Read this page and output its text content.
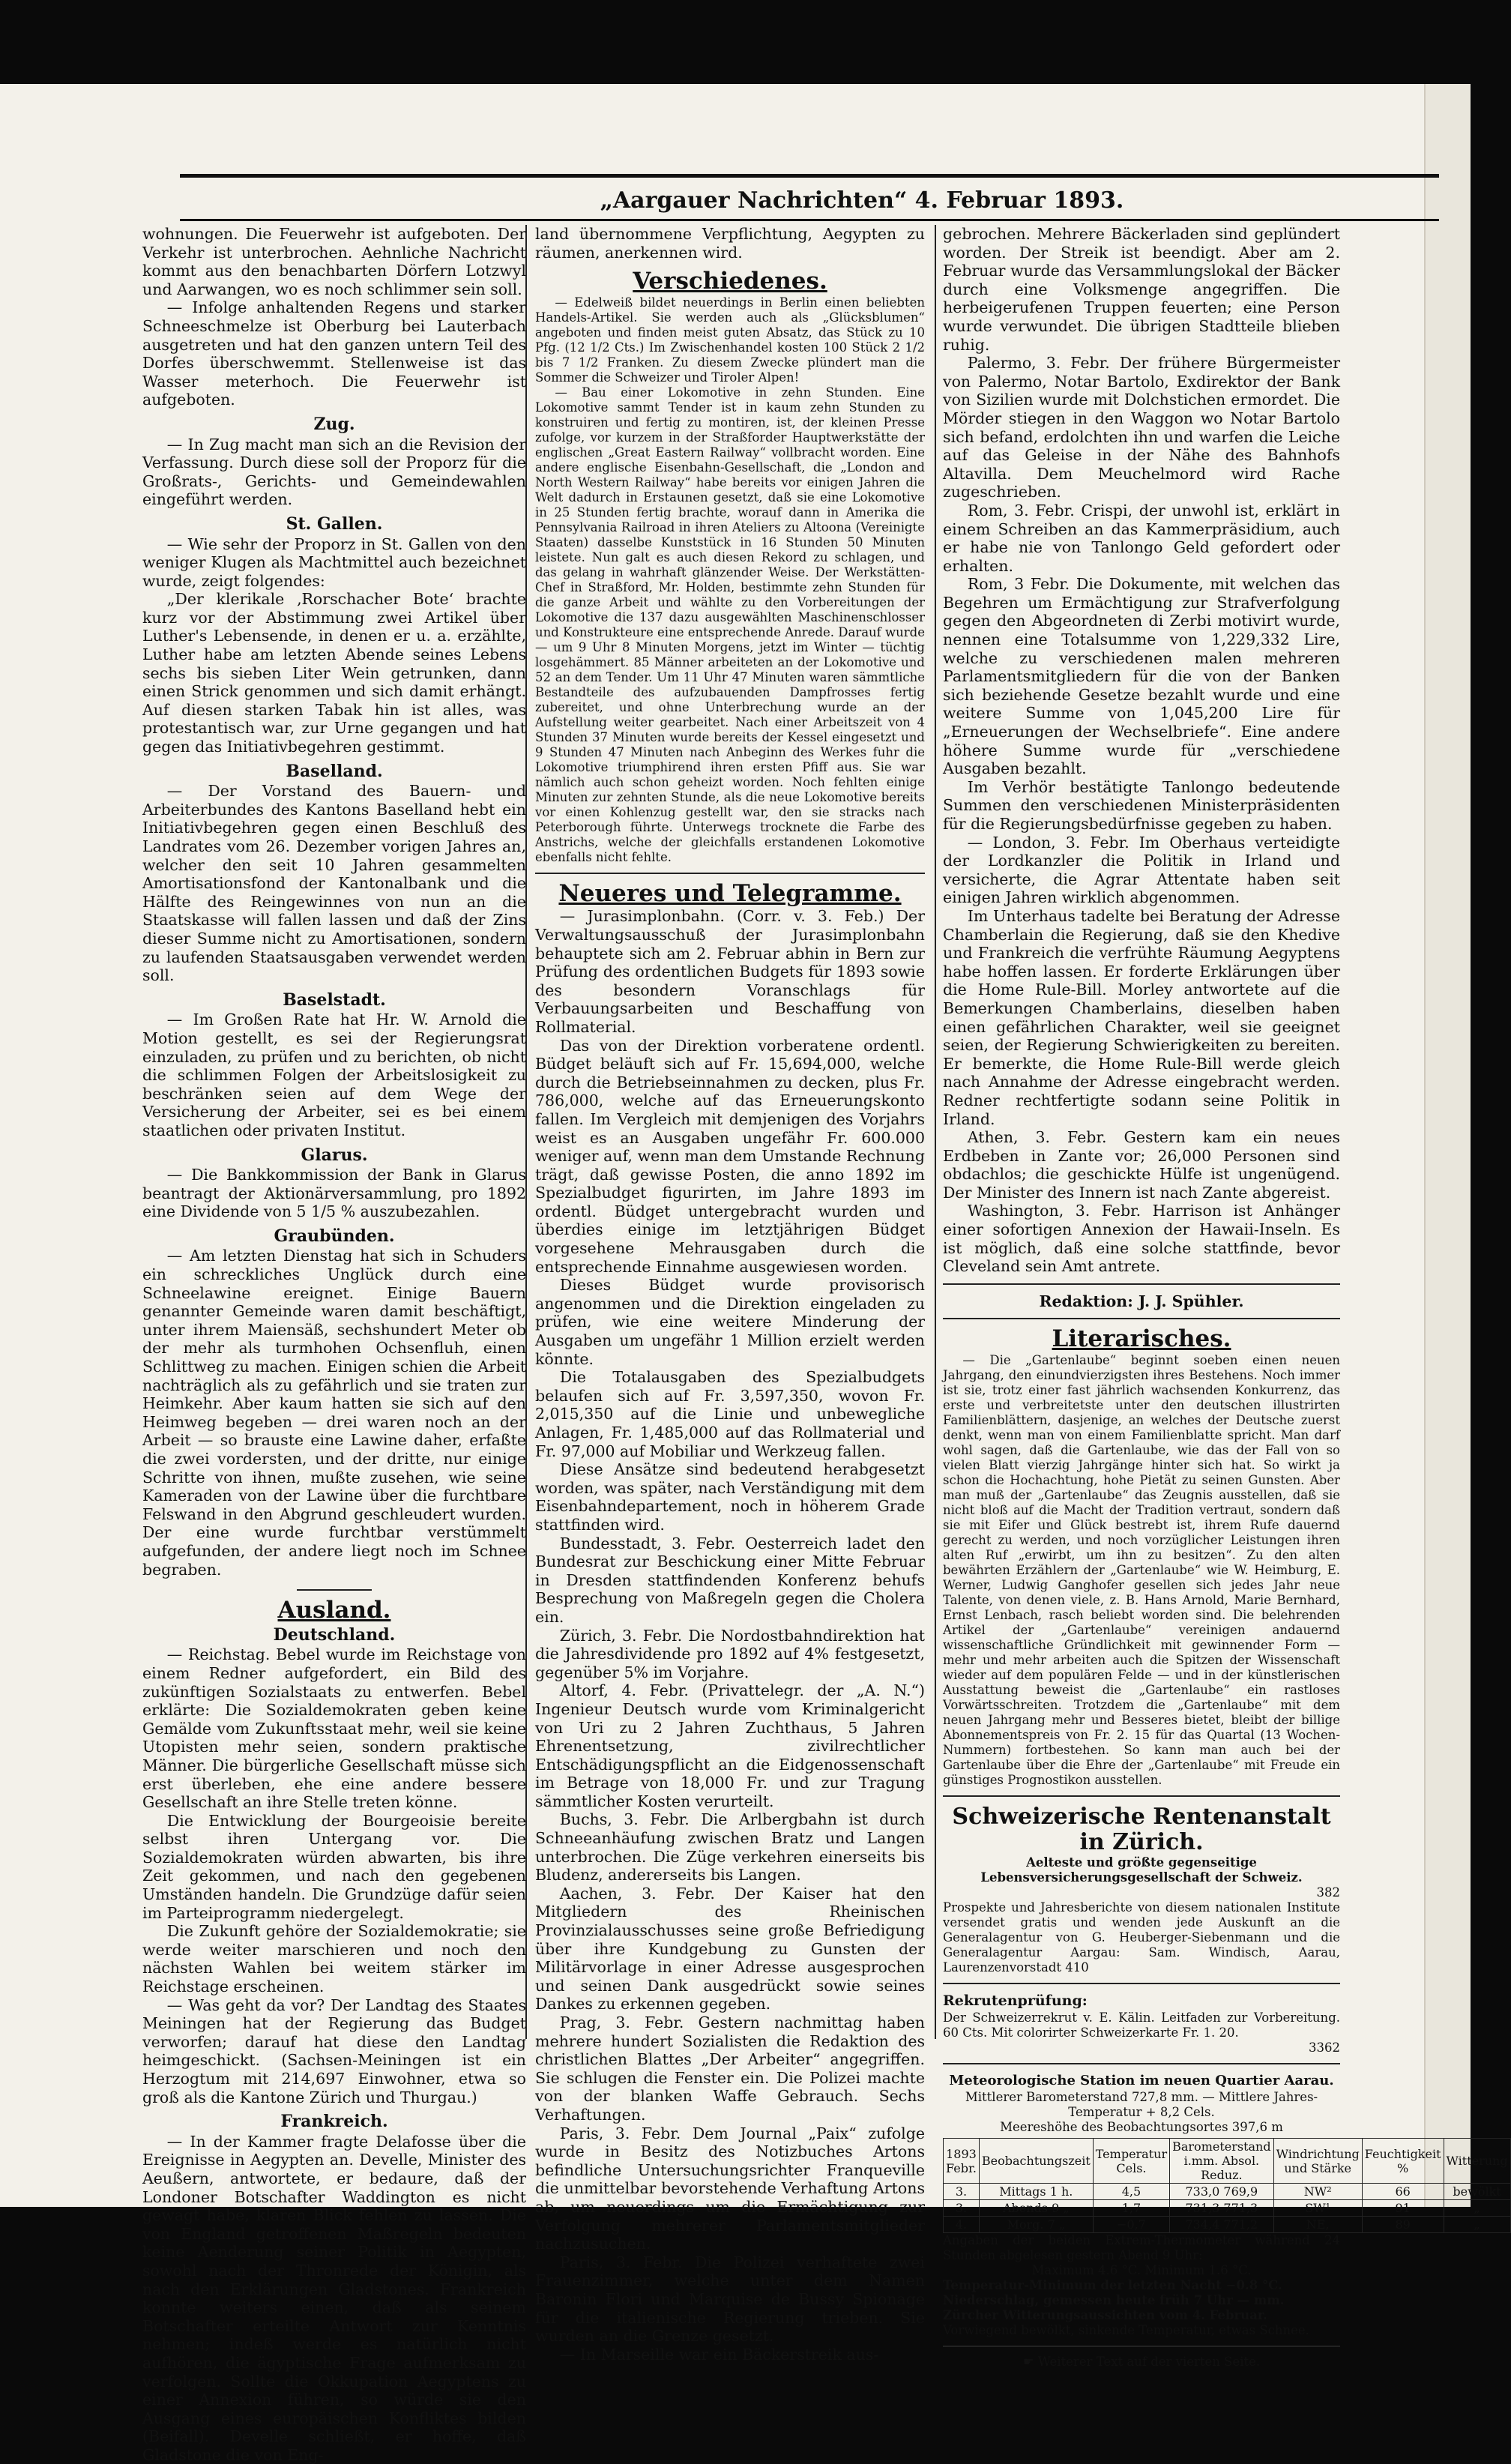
„Aargauer Nachrichten“ 4. Februar 1893.

wohnungen. Die Feuerwehr ist aufgeboten. Der Verkehr ist unterbrochen. Aehnliche Nachricht kommt aus den benachbarten Dörfern Lotzwyl und Aarwangen, wo es noch schlimmer sein soll.

— Infolge anhaltenden Regens und starker Schneeschmelze ist Oberburg bei Lauterbach ausgetreten und hat den ganzen untern Teil des Dorfes überschwemmt. Stellenweise ist das Wasser meterhoch. Die Feuerwehr ist aufgeboten.

Zug.

— In Zug macht man sich an die Revision der Verfassung. Durch diese soll der Proporz für die Großrats-, Gerichts- und Gemeindewahlen eingeführt werden.

St. Gallen.

— Wie sehr der Proporz in St. Gallen von den weniger Klugen als Machtmittel auch bezeichnet wurde, zeigt folgendes:

„Der klerikale ‚Rorschacher Bote‘ brachte kurz vor der Abstimmung zwei Artikel über Luther's Lebensende, in denen er u. a. erzählte, Luther habe am letzten Abende seines Lebens sechs bis sieben Liter Wein getrunken, dann einen Strick genommen und sich damit erhängt. Auf diesen starken Tabak hin ist alles, was protestantisch war, zur Urne gegangen und hat gegen das Initiativbegehren gestimmt.

Baselland.

— Der Vorstand des Bauern- und Arbeiterbundes des Kantons Baselland hebt ein Initiativbegehren gegen einen Beschluß des Landrates vom 26. Dezember vorigen Jahres an, welcher den seit 10 Jahren gesammelten Amortisationsfond der Kantonalbank und die Hälfte des Reingewinnes von nun an die Staatskasse will fallen lassen und daß der Zins dieser Summe nicht zu Amortisationen, sondern zu laufenden Staatsausgaben verwendet werden soll.

Baselstadt.

— Im Großen Rate hat Hr. W. Arnold die Motion gestellt, es sei der Regierungsrat einzuladen, zu prüfen und zu berichten, ob nicht die schlimmen Folgen der Arbeitslosigkeit zu beschränken seien auf dem Wege der Versicherung der Arbeiter, sei es bei einem staatlichen oder privaten Institut.

Glarus.

— Die Bankkommission der Bank in Glarus beantragt der Aktionärversammlung, pro 1892 eine Dividende von 5 1/5 % auszubezahlen.

Graubünden.

— Am letzten Dienstag hat sich in Schuders ein schreckliches Unglück durch eine Schneelawine ereignet. Einige Bauern genannter Gemeinde waren damit beschäftigt, unter ihrem Maiensäß, sechshundert Meter ob der mehr als turmhohen Ochsenfluh, einen Schlittweg zu machen. Einigen schien die Arbeit nachträglich als zu gefährlich und sie traten zur Heimkehr. Aber kaum hatten sie sich auf den Heimweg begeben — drei waren noch an der Arbeit — so brauste eine Lawine daher, erfaßte die zwei vordersten, und der dritte, nur einige Schritte von ihnen, mußte zusehen, wie seine Kameraden von der Lawine über die furchtbare Felswand in den Abgrund geschleudert wurden. Der eine wurde furchtbar verstümmelt aufgefunden, der andere liegt noch im Schnee begraben.

Ausland.
Deutschland.

— Reichstag. Bebel wurde im Reichstage von einem Redner aufgefordert, ein Bild des zukünftigen Sozialstaats zu entwerfen. Bebel erklärte: Die Sozialdemokraten geben keine Gemälde vom Zukunftsstaat mehr, weil sie keine Utopisten mehr seien, sondern praktische Männer. Die bürgerliche Gesellschaft müsse sich erst überleben, ehe eine andere bessere Gesellschaft an ihre Stelle treten könne.

Die Entwicklung der Bourgeoisie bereite selbst ihren Untergang vor. Die Sozialdemokraten würden abwarten, bis ihre Zeit gekommen, und nach den gegebenen Umständen handeln. Die Grundzüge dafür seien im Parteiprogramm niedergelegt.

Die Zukunft gehöre der Sozialdemokratie; sie werde weiter marschieren und noch den nächsten Wahlen bei weitem stärker im Reichstage erscheinen.

— Was geht da vor? Der Landtag des Staates Meiningen hat der Regierung das Budget verworfen; darauf hat diese den Landtag heimgeschickt. (Sachsen-Meiningen ist ein Herzogtum mit 214,697 Einwohner, etwa so groß als die Kantone Zürich und Thurgau.)

Frankreich.

— In der Kammer fragte Delafosse über die Ereignisse in Aegypten an. Develle, Minister des Aeußern, antwortete, er bedaure, daß der Londoner Botschafter Waddington es nicht gewagt habe, klaren Blick fehlen zu lassen. Die von England getroffenen Maßregeln bedeuten keine Aenderung seiner Politik in Aegypten, sowohl nach der Thronrede der Königin, als nach den Erklärungen Gladstones. Frankreich konnte weiters einen, daß als seinem Botschafter erteilte Antwort zur Kenntnis nehmen; indeß werde es natürlich nicht aufhören, die ägyptische Frage aufmerksam zu verfolgen. Sollte die Okkupation Aegyptens zu einer Annexion führen, so würde sie den Ausgang eines europäischen Konfliktes bilden (Beifall). Develle schließt, er hoffe, daß Gladstone die von Eng-

land übernommene Verpflichtung, Aegypten zu räumen, anerkennen wird.

Verschiedenes.

— Edelweiß bildet neuerdings in Berlin einen beliebten Handels-Artikel. Sie werden auch als „Glücksblumen“ angeboten und finden meist guten Absatz, das Stück zu 10 Pfg. (12 1/2 Cts.) Im Zwischenhandel kosten 100 Stück 2 1/2 bis 7 1/2 Franken. Zu diesem Zwecke plündert man die Sommer die Schweizer und Tiroler Alpen!

— Bau einer Lokomotive in zehn Stunden. Eine Lokomotive sammt Tender ist in kaum zehn Stunden zu konstruiren und fertig zu montiren, ist, der kleinen Presse zufolge, vor kurzem in der Straßforder Hauptwerkstätte der englischen „Great Eastern Railway“ vollbracht worden. Eine andere englische Eisenbahn-Gesellschaft, die „London and North Western Railway“ habe bereits vor einigen Jahren die Welt dadurch in Erstaunen gesetzt, daß sie eine Lokomotive in 25 Stunden fertig brachte, worauf dann in Amerika die Pennsylvania Railroad in ihren Ateliers zu Altoona (Vereinigte Staaten) dasselbe Kunststück in 16 Stunden 50 Minuten leistete. Nun galt es auch diesen Rekord zu schlagen, und das gelang in wahrhaft glänzender Weise. Der Werkstätten-Chef in Straßford, Mr. Holden, bestimmte zehn Stunden für die ganze Arbeit und wählte zu den Vorbereitungen der Lokomotive die 137 dazu ausgewählten Maschinenschlosser und Konstrukteure eine entsprechende Anrede. Darauf wurde — um 9 Uhr 8 Minuten Morgens, jetzt im Winter — tüchtig losgehämmert. 85 Männer arbeiteten an der Lokomotive und 52 an dem Tender. Um 11 Uhr 47 Minuten waren sämmtliche Bestandteile des aufzubauenden Dampfrosses fertig zubereitet, und ohne Unterbrechung wurde an der Aufstellung weiter gearbeitet. Nach einer Arbeitszeit von 4 Stunden 37 Minuten wurde bereits der Kessel eingesetzt und 9 Stunden 47 Minuten nach Anbeginn des Werkes fuhr die Lokomotive triumphirend ihren ersten Pfiff aus. Sie war nämlich auch schon geheizt worden. Noch fehlten einige Minuten zur zehnten Stunde, als die neue Lokomotive bereits vor einen Kohlenzug gestellt war, den sie stracks nach Peterborough führte. Unterwegs trocknete die Farbe des Anstrichs, welche der gleichfalls erstandenen Lokomotive ebenfalls nicht fehlte.

Neueres und Telegramme.

— Jurasimplonbahn. (Corr. v. 3. Feb.) Der Verwaltungsausschuß der Jurasimplonbahn behauptete sich am 2. Februar abhin in Bern zur Prüfung des ordentlichen Budgets für 1893 sowie des besondern Voranschlags für Verbauungsarbeiten und Beschaffung von Rollmaterial.

Das von der Direktion vorberatene ordentl. Büdget beläuft sich auf Fr. 15,694,000, welche durch die Betriebseinnahmen zu decken, plus Fr. 786,000, welche auf das Erneuerungskonto fallen. Im Vergleich mit demjenigen des Vorjahrs weist es an Ausgaben ungefähr Fr. 600.000 weniger auf, wenn man dem Umstande Rechnung trägt, daß gewisse Posten, die anno 1892 im Spezialbudget figurirten, im Jahre 1893 im ordentl. Büdget untergebracht wurden und überdies einige im letztjährigen Büdget vorgesehene Mehrausgaben durch die entsprechende Einnahme ausgewiesen worden.

Dieses Büdget wurde provisorisch angenommen und die Direktion eingeladen zu prüfen, wie eine weitere Minderung der Ausgaben um ungefähr 1 Million erzielt werden könnte.

Die Totalausgaben des Spezialbudgets belaufen sich auf Fr. 3,597,350, wovon Fr. 2,015,350 auf die Linie und unbewegliche Anlagen, Fr. 1,485,000 auf das Rollmaterial und Fr. 97,000 auf Mobiliar und Werkzeug fallen.

Diese Ansätze sind bedeutend herabgesetzt worden, was später, nach Verständigung mit dem Eisenbahndepartement, noch in höherem Grade stattfinden wird.

Bundesstadt, 3. Febr. Oesterreich ladet den Bundesrat zur Beschickung einer Mitte Februar in Dresden stattfindenden Konferenz behufs Besprechung von Maßregeln gegen die Cholera ein.

Zürich, 3. Febr. Die Nordostbahndirektion hat die Jahresdividende pro 1892 auf 4% festgesetzt, gegenüber 5% im Vorjahre.

Altorf, 4. Febr. (Privattelegr. der „A. N.“) Ingenieur Deutsch wurde vom Kriminalgericht von Uri zu 2 Jahren Zuchthaus, 5 Jahren Ehrenentsetzung, zivilrechtlicher Entschädigungspflicht an die Eidgenossenschaft im Betrage von 18,000 Fr. und zur Tragung sämmtlicher Kosten verurteilt.

Buchs, 3. Febr. Die Arlbergbahn ist durch Schneeanhäufung zwischen Bratz und Langen unterbrochen. Die Züge verkehren einerseits bis Bludenz, andererseits bis Langen.

Aachen, 3. Febr. Der Kaiser hat den Mitgliedern des Rheinischen Provinzialausschusses seine große Befriedigung über ihre Kundgebung zu Gunsten der Militärvorlage in einer Adresse ausgesprochen und seinen Dank ausgedrückt sowie seines Dankes zu erkennen gegeben.

Prag, 3. Febr. Gestern nachmittag haben mehrere hundert Sozialisten die Redaktion des christlichen Blattes „Der Arbeiter“ angegriffen. Sie schlugen die Fenster ein. Die Polizei machte von der blanken Waffe Gebrauch. Sechs Verhaftungen.

Paris, 3. Febr. Dem Journal „Paix“ zufolge wurde in Besitz des Notizbuches Artons befindliche Untersuchungsrichter Franqueville die unmittelbar bevorstehende Verhaftung Artons ab, um neuerdings um die Ermächtigung zur Verfolgung mehrerer Parlamentsmitglieder nachzusuchen.

Paris, 3. Febr. Die Polizei verhaftete zwei Frauenzimmer, welche unter dem Namen Baronin Flori und Marquise de Bussy Spionage für die italienische Regierung trieben. Sie wurden an die Grenze gesetzt.

— In Marseille war ein Bäckerstreik aus-

gebrochen. Mehrere Bäckerladen sind geplündert worden. Der Streik ist beendigt. Aber am 2. Februar wurde das Versammlungslokal der Bäcker durch eine Volksmenge angegriffen. Die herbeigerufenen Truppen feuerten; eine Person wurde verwundet. Die übrigen Stadtteile blieben ruhig.

Palermo, 3. Febr. Der frühere Bürgermeister von Palermo, Notar Bartolo, Exdirektor der Bank von Sizilien wurde mit Dolchstichen ermordet. Die Mörder stiegen in den Waggon wo Notar Bartolo sich befand, erdolchten ihn und warfen die Leiche auf das Geleise in der Nähe des Bahnhofs Altavilla. Dem Meuchelmord wird Rache zugeschrieben.

Rom, 3. Febr. Crispi, der unwohl ist, erklärt in einem Schreiben an das Kammerpräsidium, auch er habe nie von Tanlongo Geld gefordert oder erhalten.

Rom, 3 Febr. Die Dokumente, mit welchen das Begehren um Ermächtigung zur Strafverfolgung gegen den Abgeordneten di Zerbi motivirt wurde, nennen eine Totalsumme von 1,229,332 Lire, welche zu verschiedenen malen mehreren Parlamentsmitgliedern für die von der Banken sich beziehende Gesetze bezahlt wurde und eine weitere Summe von 1,045,200 Lire für „Erneuerungen der Wechselbriefe“. Eine andere höhere Summe wurde für „verschiedene Ausgaben bezahlt.

Im Verhör bestätigte Tanlongo bedeutende Summen den verschiedenen Ministerpräsidenten für die Regierungsbedürfnisse gegeben zu haben.

— London, 3. Febr. Im Oberhaus verteidigte der Lordkanzler die Politik in Irland und versicherte, die Agrar Attentate haben seit einigen Jahren wirklich abgenommen.

Im Unterhaus tadelte bei Beratung der Adresse Chamberlain die Regierung, daß sie den Khedive und Frankreich die verfrühte Räumung Aegyptens habe hoffen lassen. Er forderte Erklärungen über die Home Rule-Bill. Morley antwortete auf die Bemerkungen Chamberlains, dieselben haben einen gefährlichen Charakter, weil sie geeignet seien, der Regierung Schwierigkeiten zu bereiten. Er bemerkte, die Home Rule-Bill werde gleich nach Annahme der Adresse eingebracht werden. Redner rechtfertigte sodann seine Politik in Irland.

Athen, 3. Febr. Gestern kam ein neues Erdbeben in Zante vor; 26,000 Personen sind obdachlos; die geschickte Hülfe ist ungenügend. Der Minister des Innern ist nach Zante abgereist.

Washington, 3. Febr. Harrison ist Anhänger einer sofortigen Annexion der Hawaii-Inseln. Es ist möglich, daß eine solche stattfinde, bevor Cleveland sein Amt antrete.

Redaktion: J. J. Spühler.
Literarisches.

— Die „Gartenlaube“ beginnt soeben einen neuen Jahrgang, den einundvierzigsten ihres Bestehens. Noch immer ist sie, trotz einer fast jährlich wachsenden Konkurrenz, das erste und verbreitetste unter den deutschen illustrirten Familienblättern, dasjenige, an welches der Deutsche zuerst denkt, wenn man von einem Familienblatte spricht. Man darf wohl sagen, daß die Gartenlaube, wie das der Fall von so vielen Blatt vierzig Jahrgänge hinter sich hat. So wirkt ja schon die Hochachtung, hohe Pietät zu seinen Gunsten. Aber man muß der „Gartenlaube“ das Zeugnis ausstellen, daß sie nicht bloß auf die Macht der Tradition vertraut, sondern daß sie mit Eifer und Glück bestrebt ist, ihrem Rufe dauernd gerecht zu werden, und noch vorzüglicher Leistungen ihren alten Ruf „erwirbt, um ihn zu besitzen“. Zu den alten bewährten Erzählern der „Gartenlaube“ wie W. Heimburg, E. Werner, Ludwig Ganghofer gesellen sich jedes Jahr neue Talente, von denen viele, z. B. Hans Arnold, Marie Bernhard, Ernst Lenbach, rasch beliebt worden sind. Die belehrenden Artikel der „Gartenlaube“ vereinigen andauernd wissenschaftliche Gründlichkeit mit gewinnender Form — mehr und mehr arbeiten auch die Spitzen der Wissenschaft wieder auf dem populären Felde — und in der künstlerischen Ausstattung beweist die „Gartenlaube“ ein rastloses Vorwärtsschreiten. Trotzdem die „Gartenlaube“ mit dem neuen Jahrgang mehr und Besseres bietet, bleibt der billige Abonnementspreis von Fr. 2. 15 für das Quartal (13 Wochen-Nummern) fortbestehen. So kann man auch bei der Gartenlaube über die Ehre der „Gartenlaube“ mit Freude ein günstiges Prognostikon ausstellen.

Schweizerische Rentenanstalt in Zürich.
Aelteste und größte gegenseitige Lebensversicherungsgesellschaft der Schweiz.
382
Prospekte und Jahresberichte von diesem nationalen Institute versendet gratis und wenden jede Auskunft an die Generalagentur von G. Heuberger-Siebenmann und die Generalagentur Aargau: Sam. Windisch, Aarau, Laurenzenvorstadt 410
Rekrutenprüfung:
Der Schweizerrekrut v. E. Kälin. Leitfaden zur Vorbereitung. 60 Cts. Mit colorirter Schweizerkarte Fr. 1. 20.
3362
Meteorologische Station im neuen Quartier Aarau.
Mittlerer Barometerstand 727,8 mm. — Mittlere Jahres-Temperatur + 8,2 Cels.
Meereshöhe des Beobachtungsortes 397,6 m
1893 Febr.	Beobachtungszeit	Temperatur Cels.	Barometerstand i.mm. Absol. Reduz.	Windrichtung und Stärke	Feuchtigkeit %	Witterung
3.	Mittags 1 h.	4,5	733,0 769,9	NW²	66	bewölkt
3.	Abends 9 „	1,7	731,3 771,3	SW¹	91	„
4.	Morg. 7 „	−0,7	734,4 771,2	NE,	89	„
Angaben der beiden Extrem-Thermometer während 24 Stunden abgelesen gestern Abend 9 Uhr:
Maximum 4.6 °C. Minimum 1.6 °C.
Temperatur-Minimum der letzten Nacht −0.8 °C.
Niederschlag, gemessen heute früh 7 Uhr — mm.
Zürcher Witterungsaussichten vom 4. Februar.
Vorwiegend bewölkt, sinkende Temperatur, etwas Schnee.
☛ Weiterer Text auf der vierten Seite.
